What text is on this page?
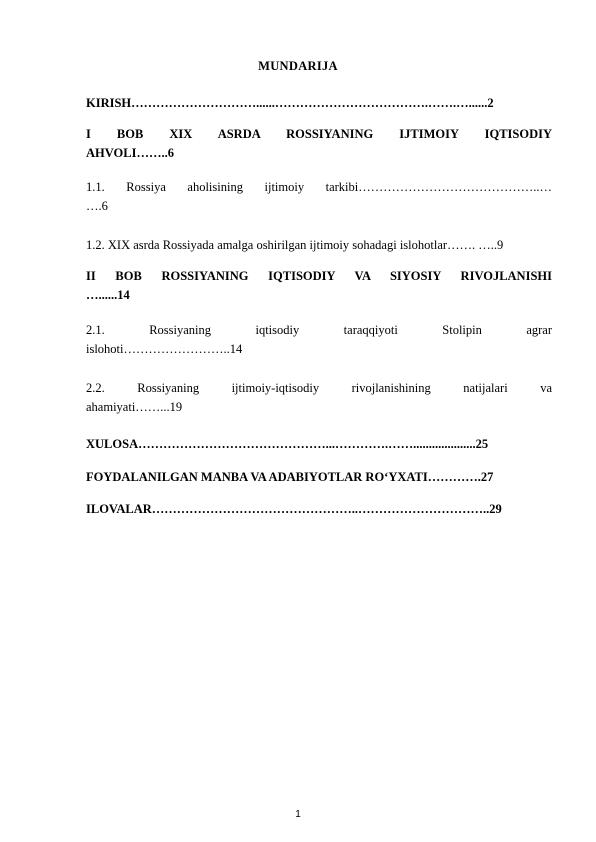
MUNDARIJA
KIRISH…………………………......……………………………….…….…......2
I BOB XIX ASRDA ROSSIYANING IJTIMOIY IQTISODIY
AHVOLI……..6
1.1. Rossiya aholisining ijtimoiy tarkibi……………………………………..…
….6
1.2. XIX asrda Rossiyada amalga oshirilgan ijtimoiy sohadagi islohotlar……. …..9
II BOB ROSSIYANING IQTISODIY VA SIYOSIY RIVOJLANISHI
…......14
2.1. Rossiyaning iqtisodiy taraqqiyoti Stolipin agrar
islohoti……………………..14
2.2. Rossiyaning ijtimoiy-iqtisodiy rivojlanishining natijalari va
ahamiyati……...19
XULOSA………………………………………...………….……....................25
FOYDALANILGAN MANBA VA ADABIYOTLAR RO‘YXATI………….27
ILOVALAR…………………………………………..…………………………..29
1
